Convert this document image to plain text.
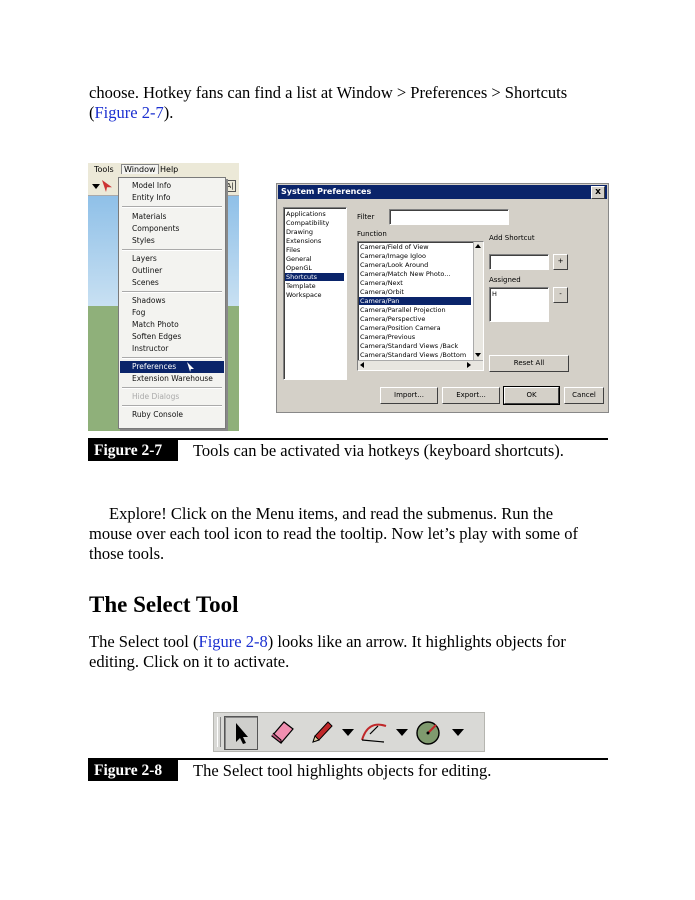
choose. Hotkey fans can find a list at Window > Preferences > Shortcuts
(Figure 2-7).
Tools	Window Help
A|
Model Info
Entity Info
Materials
Components
Styles
Layers
Outliner
Scenes
Shadows
Fog
Match Photo
Soften Edges
Instructor
Preferences
Extension Warehouse
Hide Dialogs
Ruby Console
System Preferences	x
Applications
Compatibility
Drawing
Extensions
Files
General
OpenGL
Shortcuts
Template
Workspace
Filter
Function
Camera/Field of View
Camera/Image Igloo
Camera/Look Around
Camera/Match New Photo...
Camera/Next
Camera/Orbit
Camera/Pan
Camera/Parallel Projection
Camera/Perspective
Camera/Position Camera
Camera/Previous
Camera/Standard Views /Back
Camera/Standard Views /Bottom
Add Shortcut
+
Assigned
H	-
Reset All
Import...	Export...	OK	Cancel
Figure 2-7	Tools can be activated via hotkeys (keyboard shortcuts).
Explore! Click on the Menu items, and read the submenus. Run the
mouse over each tool icon to read the tooltip. Now let’s play with some of
those tools.
The Select Tool
The Select tool (Figure 2-8) looks like an arrow. It highlights objects for
editing. Click on it to activate.
Figure 2-8	The Select tool highlights objects for editing.
